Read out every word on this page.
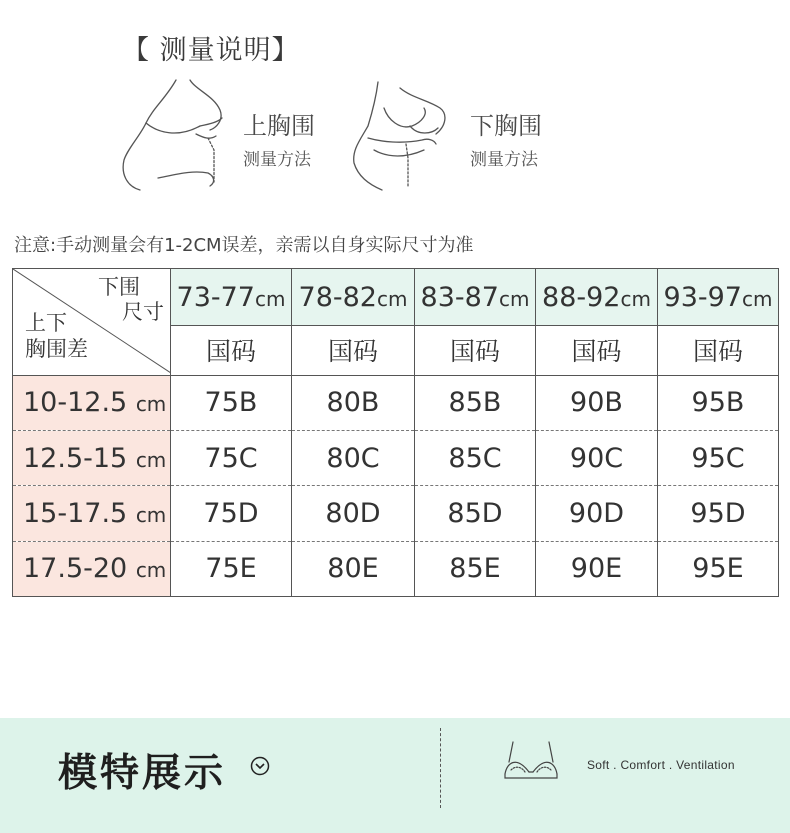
【 测量说明】
上胸围
测量方法
下胸围
测量方法
注意:手动测量会有1-2CM误差，亲需以自身实际尺寸为准
下围
尺寸
上下
胸围差	73-77cm	78-82cm	83-87cm	88-92cm	93-97cm
	国码	国码	国码	国码	国码
10-12.5 cm	75B	80B	85B	90B	95B
12.5-15 cm	75C	80C	85C	90C	95C
15-17.5 cm	75D	80D	85D	90D	95D
17.5-20 cm	75E	80E	85E	90E	95E
模特展示	Soft . Comfort . Ventilation
